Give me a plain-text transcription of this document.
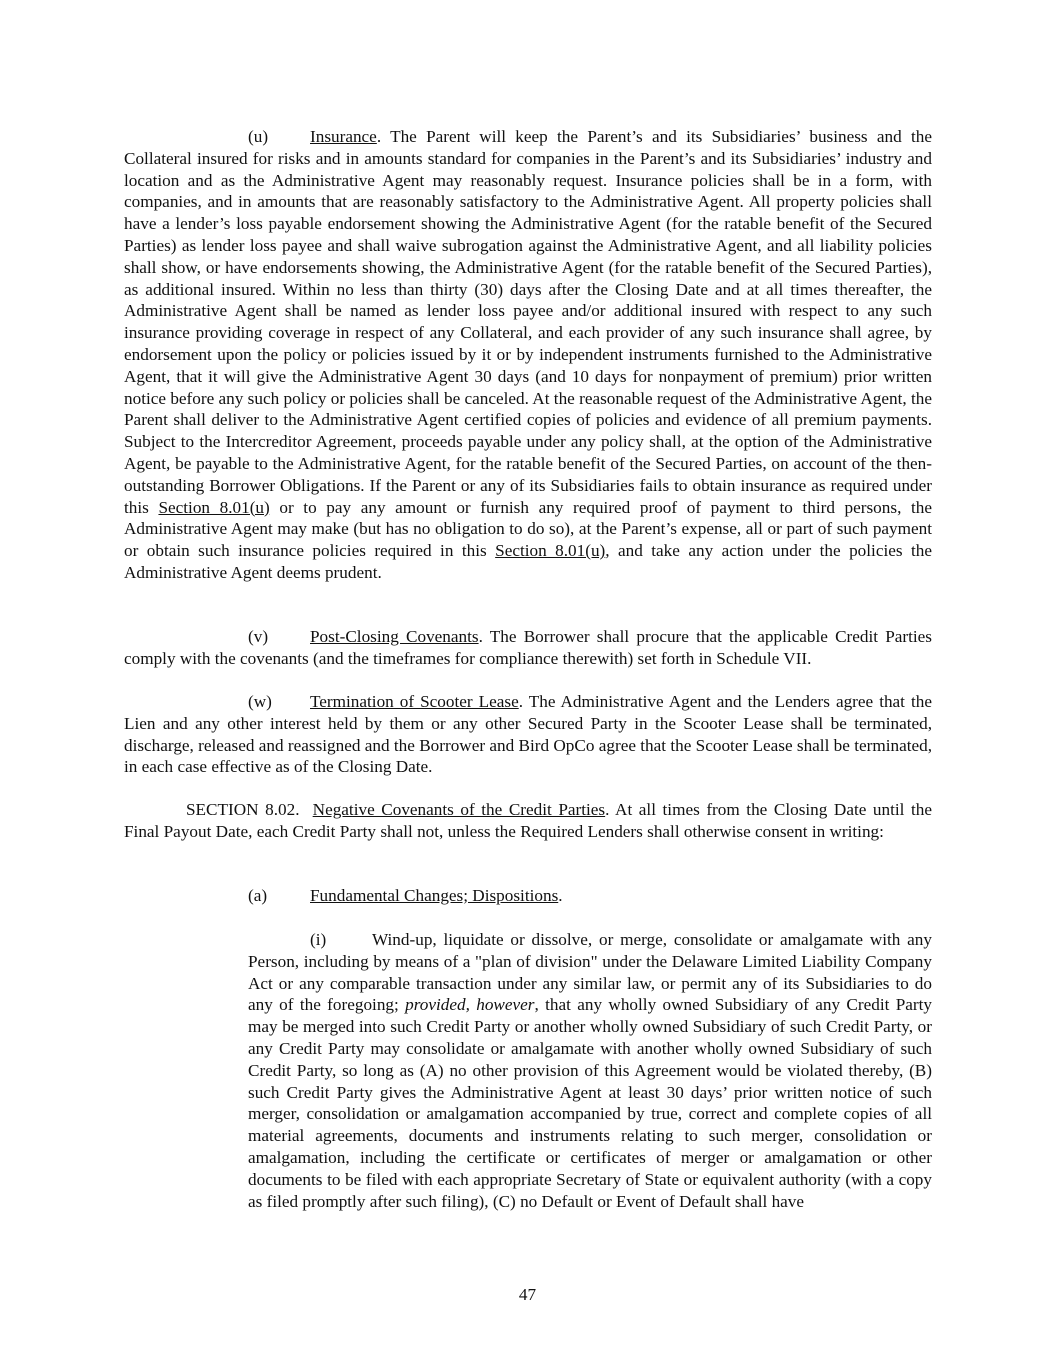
(u) Insurance. The Parent will keep the Parent’s and its Subsidiaries’ business and the Collateral insured for risks and in amounts standard for companies in the Parent’s and its Subsidiaries’ industry and location and as the Administrative Agent may reasonably request. Insurance policies shall be in a form, with companies, and in amounts that are reasonably satisfactory to the Administrative Agent. All property policies shall have a lender’s loss payable endorsement showing the Administrative Agent (for the ratable benefit of the Secured Parties) as lender loss payee and shall waive subrogation against the Administrative Agent, and all liability policies shall show, or have endorsements showing, the Administrative Agent (for the ratable benefit of the Secured Parties), as additional insured. Within no less than thirty (30) days after the Closing Date and at all times thereafter, the Administrative Agent shall be named as lender loss payee and/or additional insured with respect to any such insurance providing coverage in respect of any Collateral, and each provider of any such insurance shall agree, by endorsement upon the policy or policies issued by it or by independent instruments furnished to the Administrative Agent, that it will give the Administrative Agent 30 days (and 10 days for nonpayment of premium) prior written notice before any such policy or policies shall be canceled. At the reasonable request of the Administrative Agent, the Parent shall deliver to the Administrative Agent certified copies of policies and evidence of all premium payments. Subject to the Intercreditor Agreement, proceeds payable under any policy shall, at the option of the Administrative Agent, be payable to the Administrative Agent, for the ratable benefit of the Secured Parties, on account of the then-outstanding Borrower Obligations. If the Parent or any of its Subsidiaries fails to obtain insurance as required under this Section 8.01(u) or to pay any amount or furnish any required proof of payment to third persons, the Administrative Agent may make (but has no obligation to do so), at the Parent’s expense, all or part of such payment or obtain such insurance policies required in this Section 8.01(u), and take any action under the policies the Administrative Agent deems prudent.

(v) Post-Closing Covenants. The Borrower shall procure that the applicable Credit Parties comply with the covenants (and the timeframes for compliance therewith) set forth in Schedule VII.

(w) Termination of Scooter Lease. The Administrative Agent and the Lenders agree that the Lien and any other interest held by them or any other Secured Party in the Scooter Lease shall be terminated, discharge, released and reassigned and the Borrower and Bird OpCo agree that the Scooter Lease shall be terminated, in each case effective as of the Closing Date.

SECTION 8.02. Negative Covenants of the Credit Parties. At all times from the Closing Date until the Final Payout Date, each Credit Party shall not, unless the Required Lenders shall otherwise consent in writing:

(a) Fundamental Changes; Dispositions.

(i)	Wind-up, liquidate or dissolve, or merge, consolidate or amalgamate with any Person, including by means of a "plan of division" under the Delaware Limited Liability Company Act or any comparable transaction under any similar law, or permit any of its Subsidiaries to do any of the foregoing; provided, however, that any wholly owned Subsidiary of any Credit Party may be merged into such Credit Party or another wholly owned Subsidiary of such Credit Party, or any Credit Party may consolidate or amalgamate with another wholly owned Subsidiary of such Credit Party, so long as (A) no other provision of this Agreement would be violated thereby, (B) such Credit Party gives the Administrative Agent at least 30 days’ prior written notice of such merger, consolidation or amalgamation accompanied by true, correct and complete copies of all material agreements, documents and instruments relating to such merger, consolidation or amalgamation, including the certificate or certificates of merger or amalgamation or other documents to be filed with each appropriate Secretary of State or equivalent authority (with a copy as filed promptly after such filing), (C) no Default or Event of Default shall have

47
